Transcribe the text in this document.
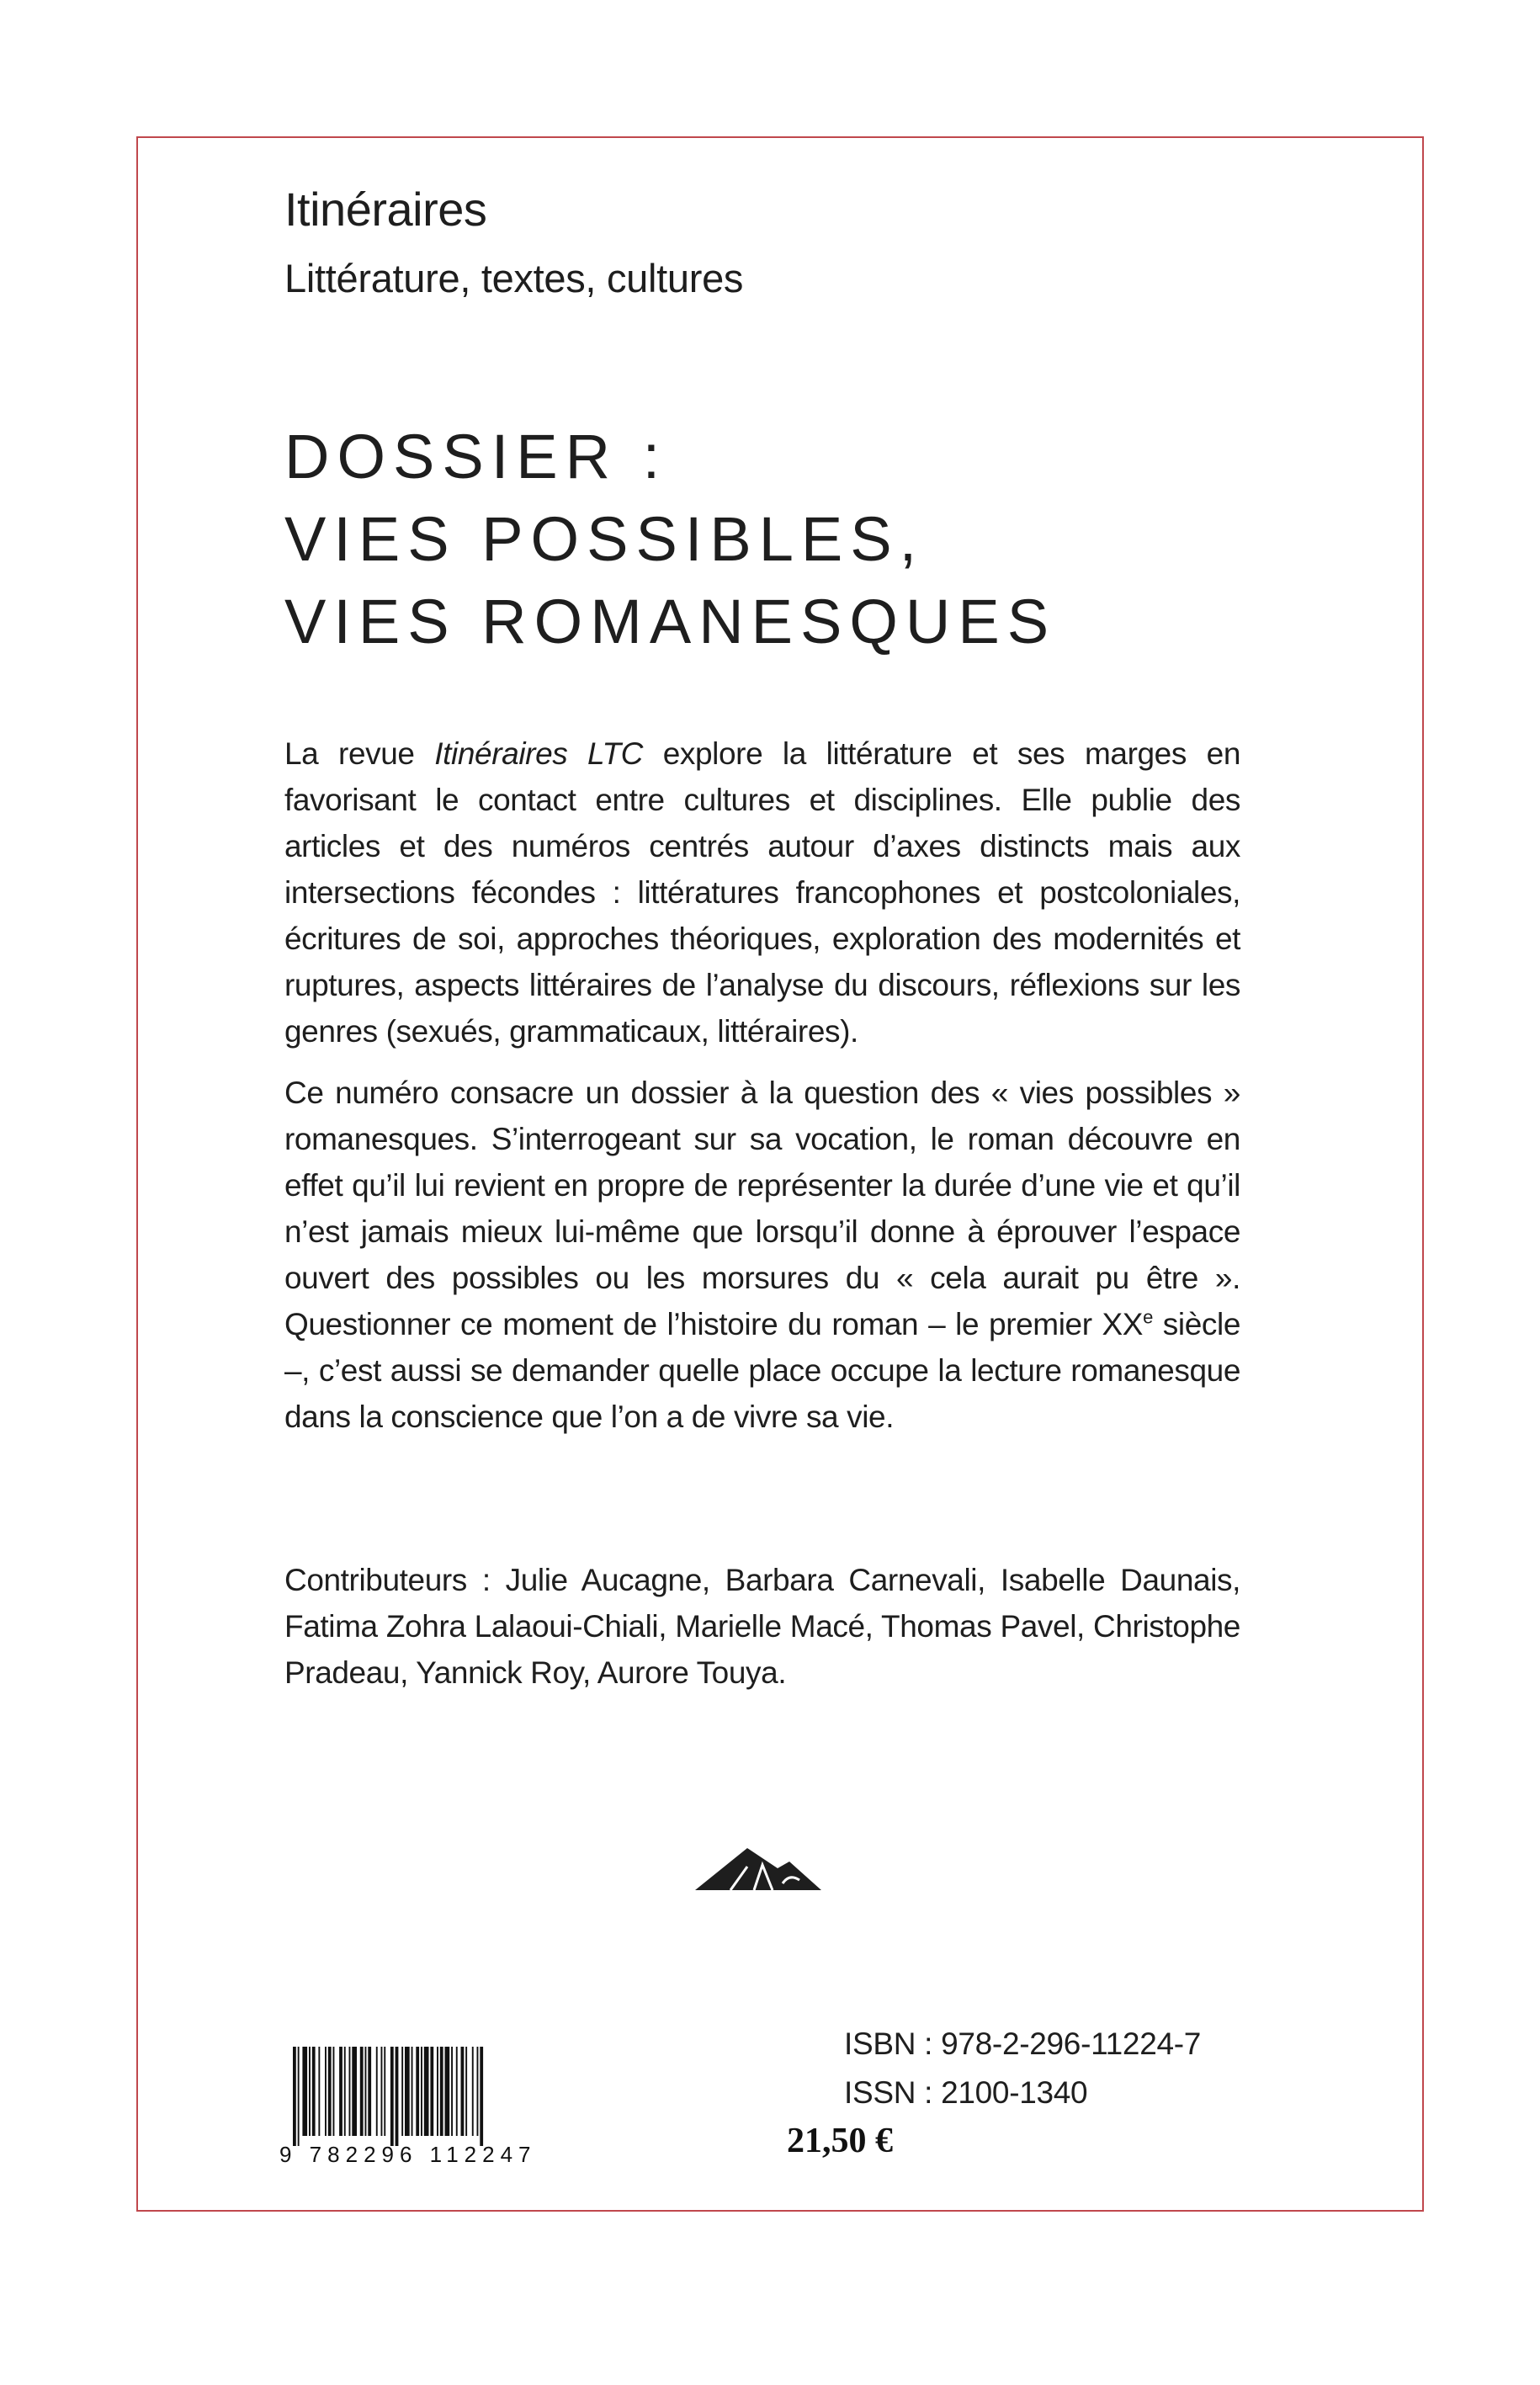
Itinéraires
Littérature, textes, cultures
DOSSIER :
VIES POSSIBLES,
VIES ROMANESQUES

La revue Itinéraires LTC explore la littérature et ses marges en favorisant le contact entre cultures et disciplines. Elle publie des articles et des numéros centrés autour d’axes distincts mais aux intersections fécondes : littératures francophones et postcoloniales, écritures de soi, approches théoriques, exploration des modernités et ruptures, aspects littéraires de l’analyse du discours, réflexions sur les genres (sexués, grammaticaux, littéraires).

Ce numéro consacre un dossier à la question des « vies possibles » romanesques. S’interrogeant sur sa vocation, le roman découvre en effet qu’il lui revient en propre de représenter la durée d’une vie et qu’il n’est jamais mieux lui-même que lorsqu’il donne à éprouver l’espace ouvert des possibles ou les morsures du « cela aurait pu être ». Questionner ce moment de l’histoire du roman – le premier XXe siècle –, c’est aussi se demander quelle place occupe la lecture romanesque dans la conscience que l’on a de vivre sa vie.

Contributeurs : Julie Aucagne, Barbara Carnevali, Isabelle Daunais, Fatima Zohra Lalaoui-Chiali, Marielle Macé, Thomas Pavel, Christophe Pradeau, Yannick Roy, Aurore Touya.
9 782296 112247
ISBN : 978-2-296-11224-7
ISSN : 2100-1340
21,50 €
